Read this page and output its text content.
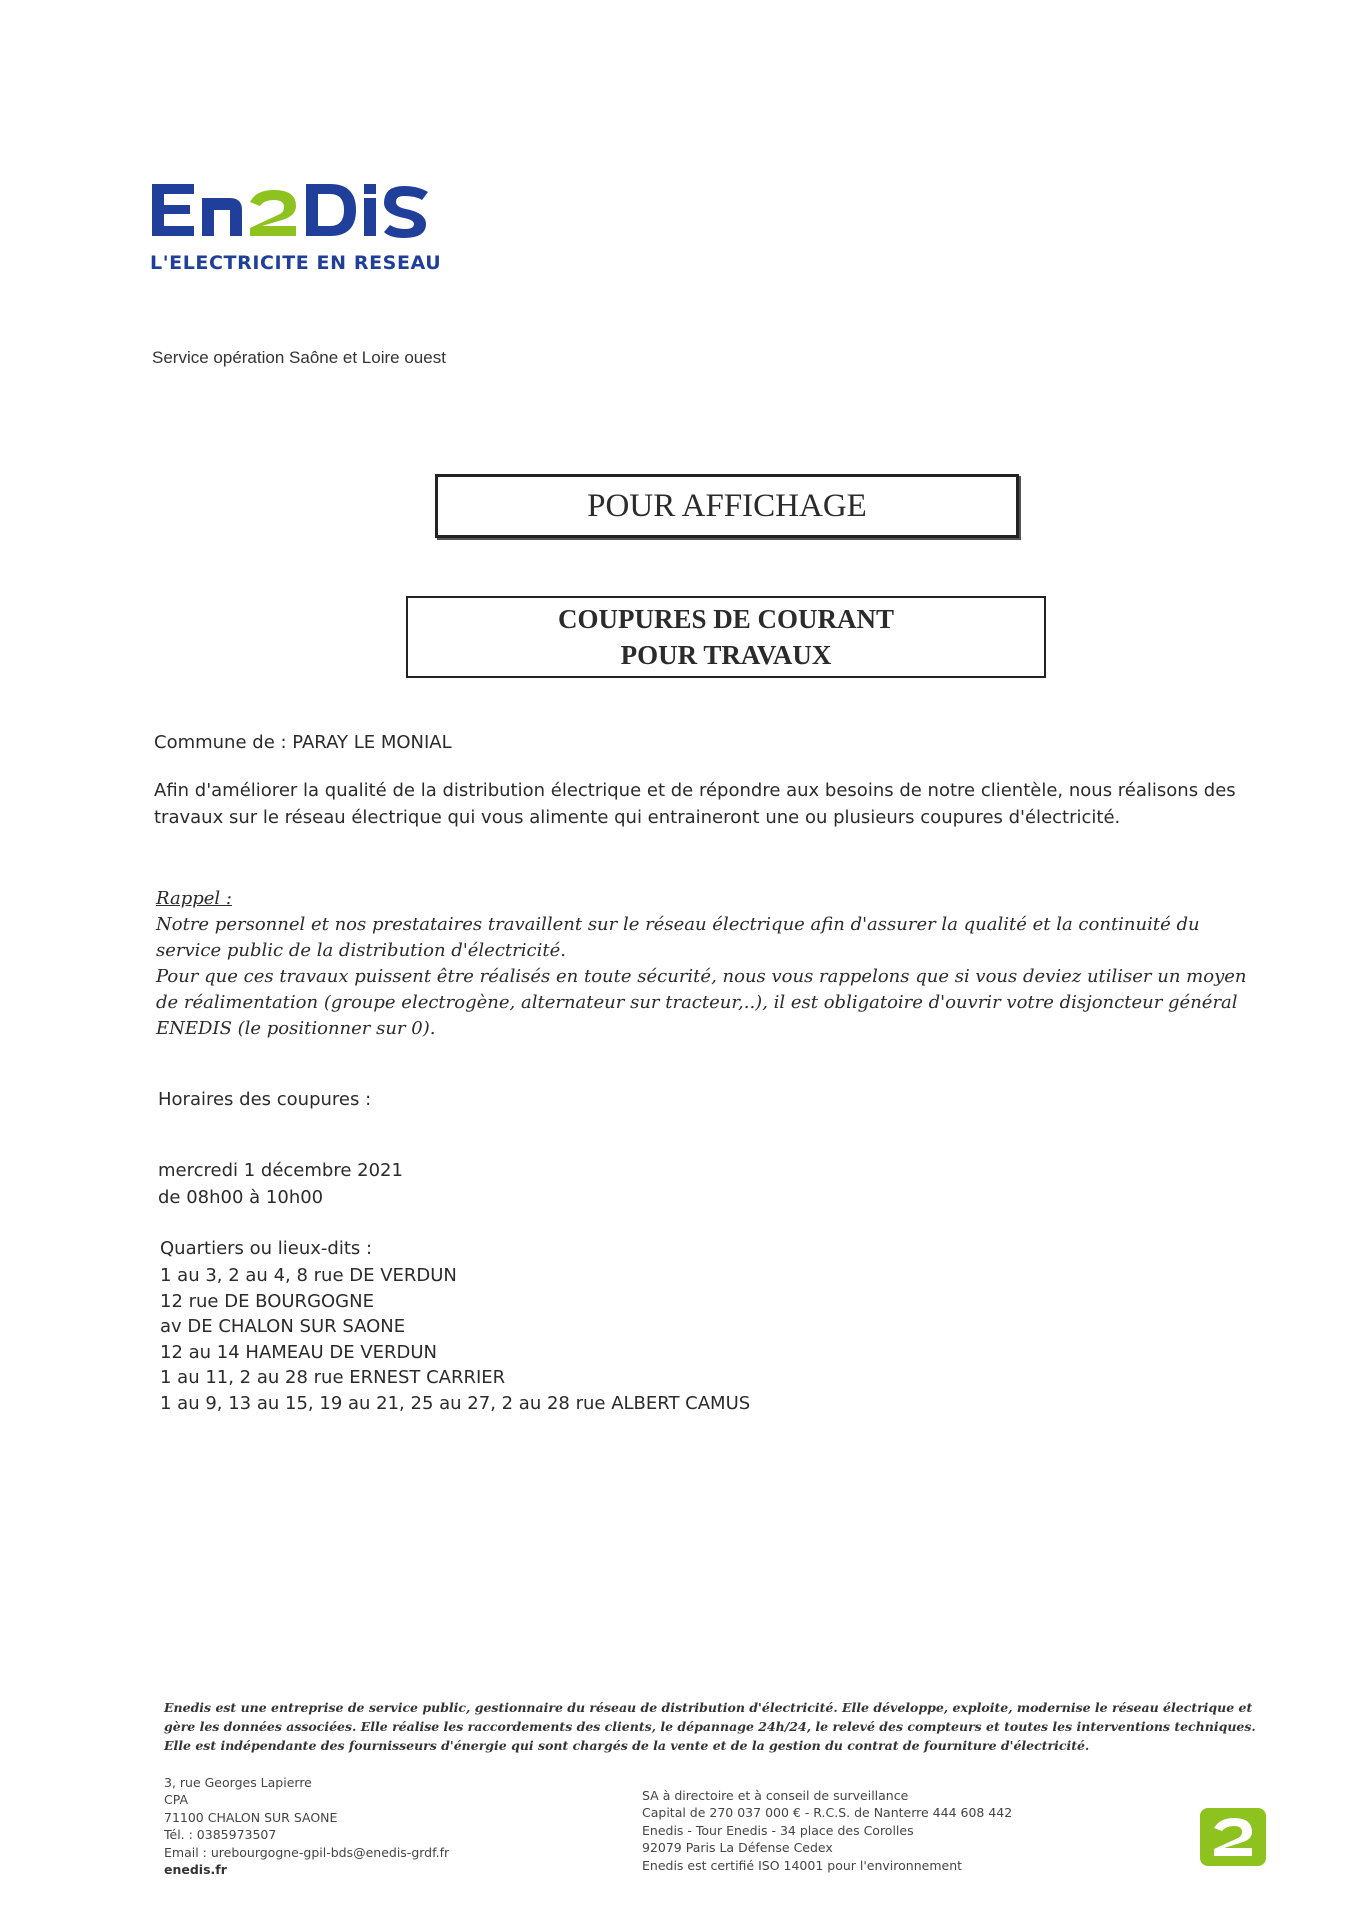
L'ELECTRICITE EN RESEAU
Service opération Saône et Loire ouest
POUR AFFICHAGE
COUPURES DE COURANT
POUR TRAVAUX
Commune de : PARAY LE MONIAL
Afin d'améliorer la qualité de la distribution électrique et de répondre aux besoins de notre clientèle, nous réalisons des travaux sur le réseau électrique qui vous alimente qui entraineront une ou plusieurs coupures d'électricité.
Rappel :
Notre personnel et nos prestataires travaillent sur le réseau électrique afin d'assurer la qualité et la continuité du service public de la distribution d'électricité.
Pour que ces travaux puissent être réalisés en toute sécurité, nous vous rappelons que si vous deviez utiliser un moyen de réalimentation (groupe electrogène, alternateur sur tracteur,..), il est obligatoire d'ouvrir votre disjoncteur général ENEDIS (le positionner sur 0).
Horaires des coupures :
mercredi 1 décembre 2021
de 08h00 à 10h00
Quartiers ou lieux-dits :
1 au 3, 2 au 4, 8 rue DE VERDUN
12 rue DE BOURGOGNE
av DE CHALON SUR SAONE
12 au 14 HAMEAU DE VERDUN
1 au 11, 2 au 28 rue ERNEST CARRIER
1 au 9, 13 au 15, 19 au 21, 25 au 27, 2 au 28 rue ALBERT CAMUS
Enedis est une entreprise de service public, gestionnaire du réseau de distribution d'électricité. Elle développe, exploite, modernise le réseau électrique et gère les données associées. Elle réalise les raccordements des clients, le dépannage 24h/24, le relevé des compteurs et toutes les interventions techniques. Elle est indépendante des fournisseurs d'énergie qui sont chargés de la vente et de la gestion du contrat de fourniture d'électricité.
3, rue Georges Lapierre
CPA
71100 CHALON SUR SAONE
Tél. : 0385973507
Email : urebourgogne-gpil-bds@enedis-grdf.fr
enedis.fr
SA à directoire et à conseil de surveillance
Capital de 270 037 000 € - R.C.S. de Nanterre 444 608 442
Enedis - Tour Enedis - 34 place des Corolles
92079 Paris La Défense Cedex
Enedis est certifié ISO 14001 pour l'environnement
